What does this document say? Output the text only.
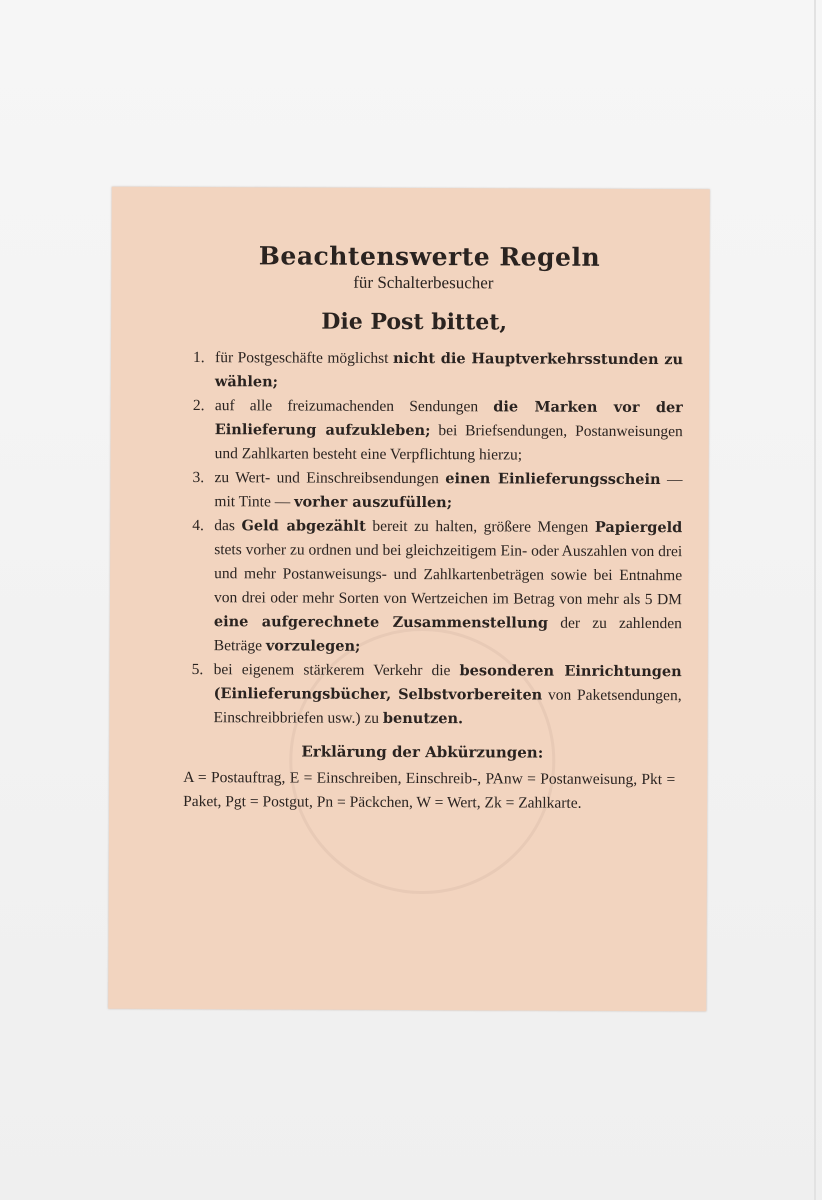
Beachtenswerte Regeln
für Schalterbesucher
Die Post bittet,
1. für Postgeschäfte möglichst nicht die Hauptverkehrsstunden zu wählen;
2. auf alle freizumachenden Sendungen die Marken vor der Einlieferung aufzukleben; bei Briefsendungen, Postanweisungen und Zahlkarten besteht eine Verpflichtung hierzu;
3. zu Wert- und Einschreibsendungen einen Einlieferungsschein — mit Tinte — vorher auszufüllen;
4. das Geld abgezählt bereit zu halten, größere Mengen Papiergeld stets vorher zu ordnen und bei gleichzeitigem Ein- oder Auszahlen von drei und mehr Postanweisungs- und Zahlkartenbeträgen sowie bei Entnahme von drei oder mehr Sorten von Wertzeichen im Betrag von mehr als 5 DM eine aufgerechnete Zusammenstellung der zu zahlenden Beträge vorzulegen;
5. bei eigenem stärkerem Verkehr die besonderen Einrichtungen (Einlieferungsbücher, Selbstvorbereiten von Paketsendungen, Einschreibbriefen usw.) zu benutzen.
Erklärung der Abkürzungen:
A = Postauftrag, E = Einschreiben, Einschreib-, PAnw = Postanweisung, Pkt = Paket, Pgt = Postgut, Pn = Päckchen, W = Wert, Zk = Zahlkarte.
